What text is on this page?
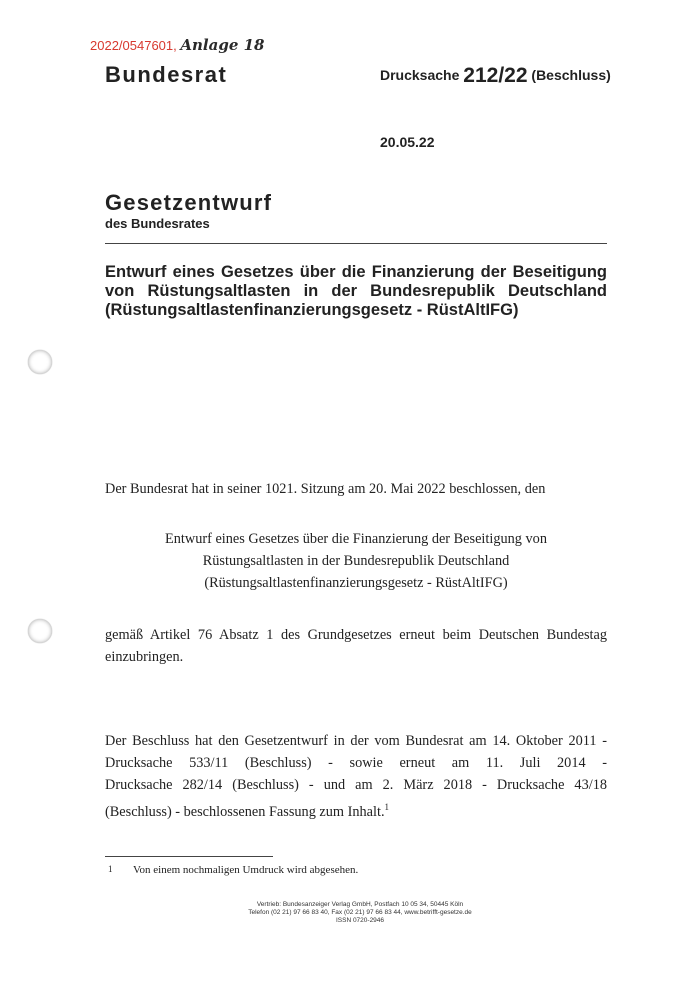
2022/0547601, Anlage 18
Bundesrat	Drucksache 212/22 (Beschluss)
20.05.22
Gesetzentwurf
des Bundesrates
Entwurf eines Gesetzes über die Finanzierung der Beseitigung
von Rüstungsaltlasten in der Bundesrepublik Deutschland
(Rüstungsaltlastenfinanzierungsgesetz - RüstAltIFG)
Der Bundesrat hat in seiner 1021. Sitzung am 20. Mai 2022 beschlossen, den
Entwurf eines Gesetzes über die Finanzierung der Beseitigung von
Rüstungsaltlasten in der Bundesrepublik Deutschland
(Rüstungsaltlastenfinanzierungsgesetz - RüstAltIFG)
gemäß Artikel 76 Absatz 1 des Grundgesetzes erneut beim Deutschen Bundestag
einzubringen.
Der Beschluss hat den Gesetzentwurf in der vom Bundesrat am 14. Oktober 2011 -
Drucksache 533/11 (Beschluss) - sowie erneut am 11. Juli 2014 -
Drucksache 282/14 (Beschluss) - und am 2. März 2018 - Drucksache 43/18
(Beschluss) - beschlossenen Fassung zum Inhalt.$^1$
1 Von einem nochmaligen Umdruck wird abgesehen.
Vertrieb: Bundesanzeiger Verlag GmbH, Postfach 10 05 34, 50445 Köln
Telefon (02 21) 97 66 83 40, Fax (02 21) 97 66 83 44, www.betrifft-gesetze.de
ISSN 0720-2946
